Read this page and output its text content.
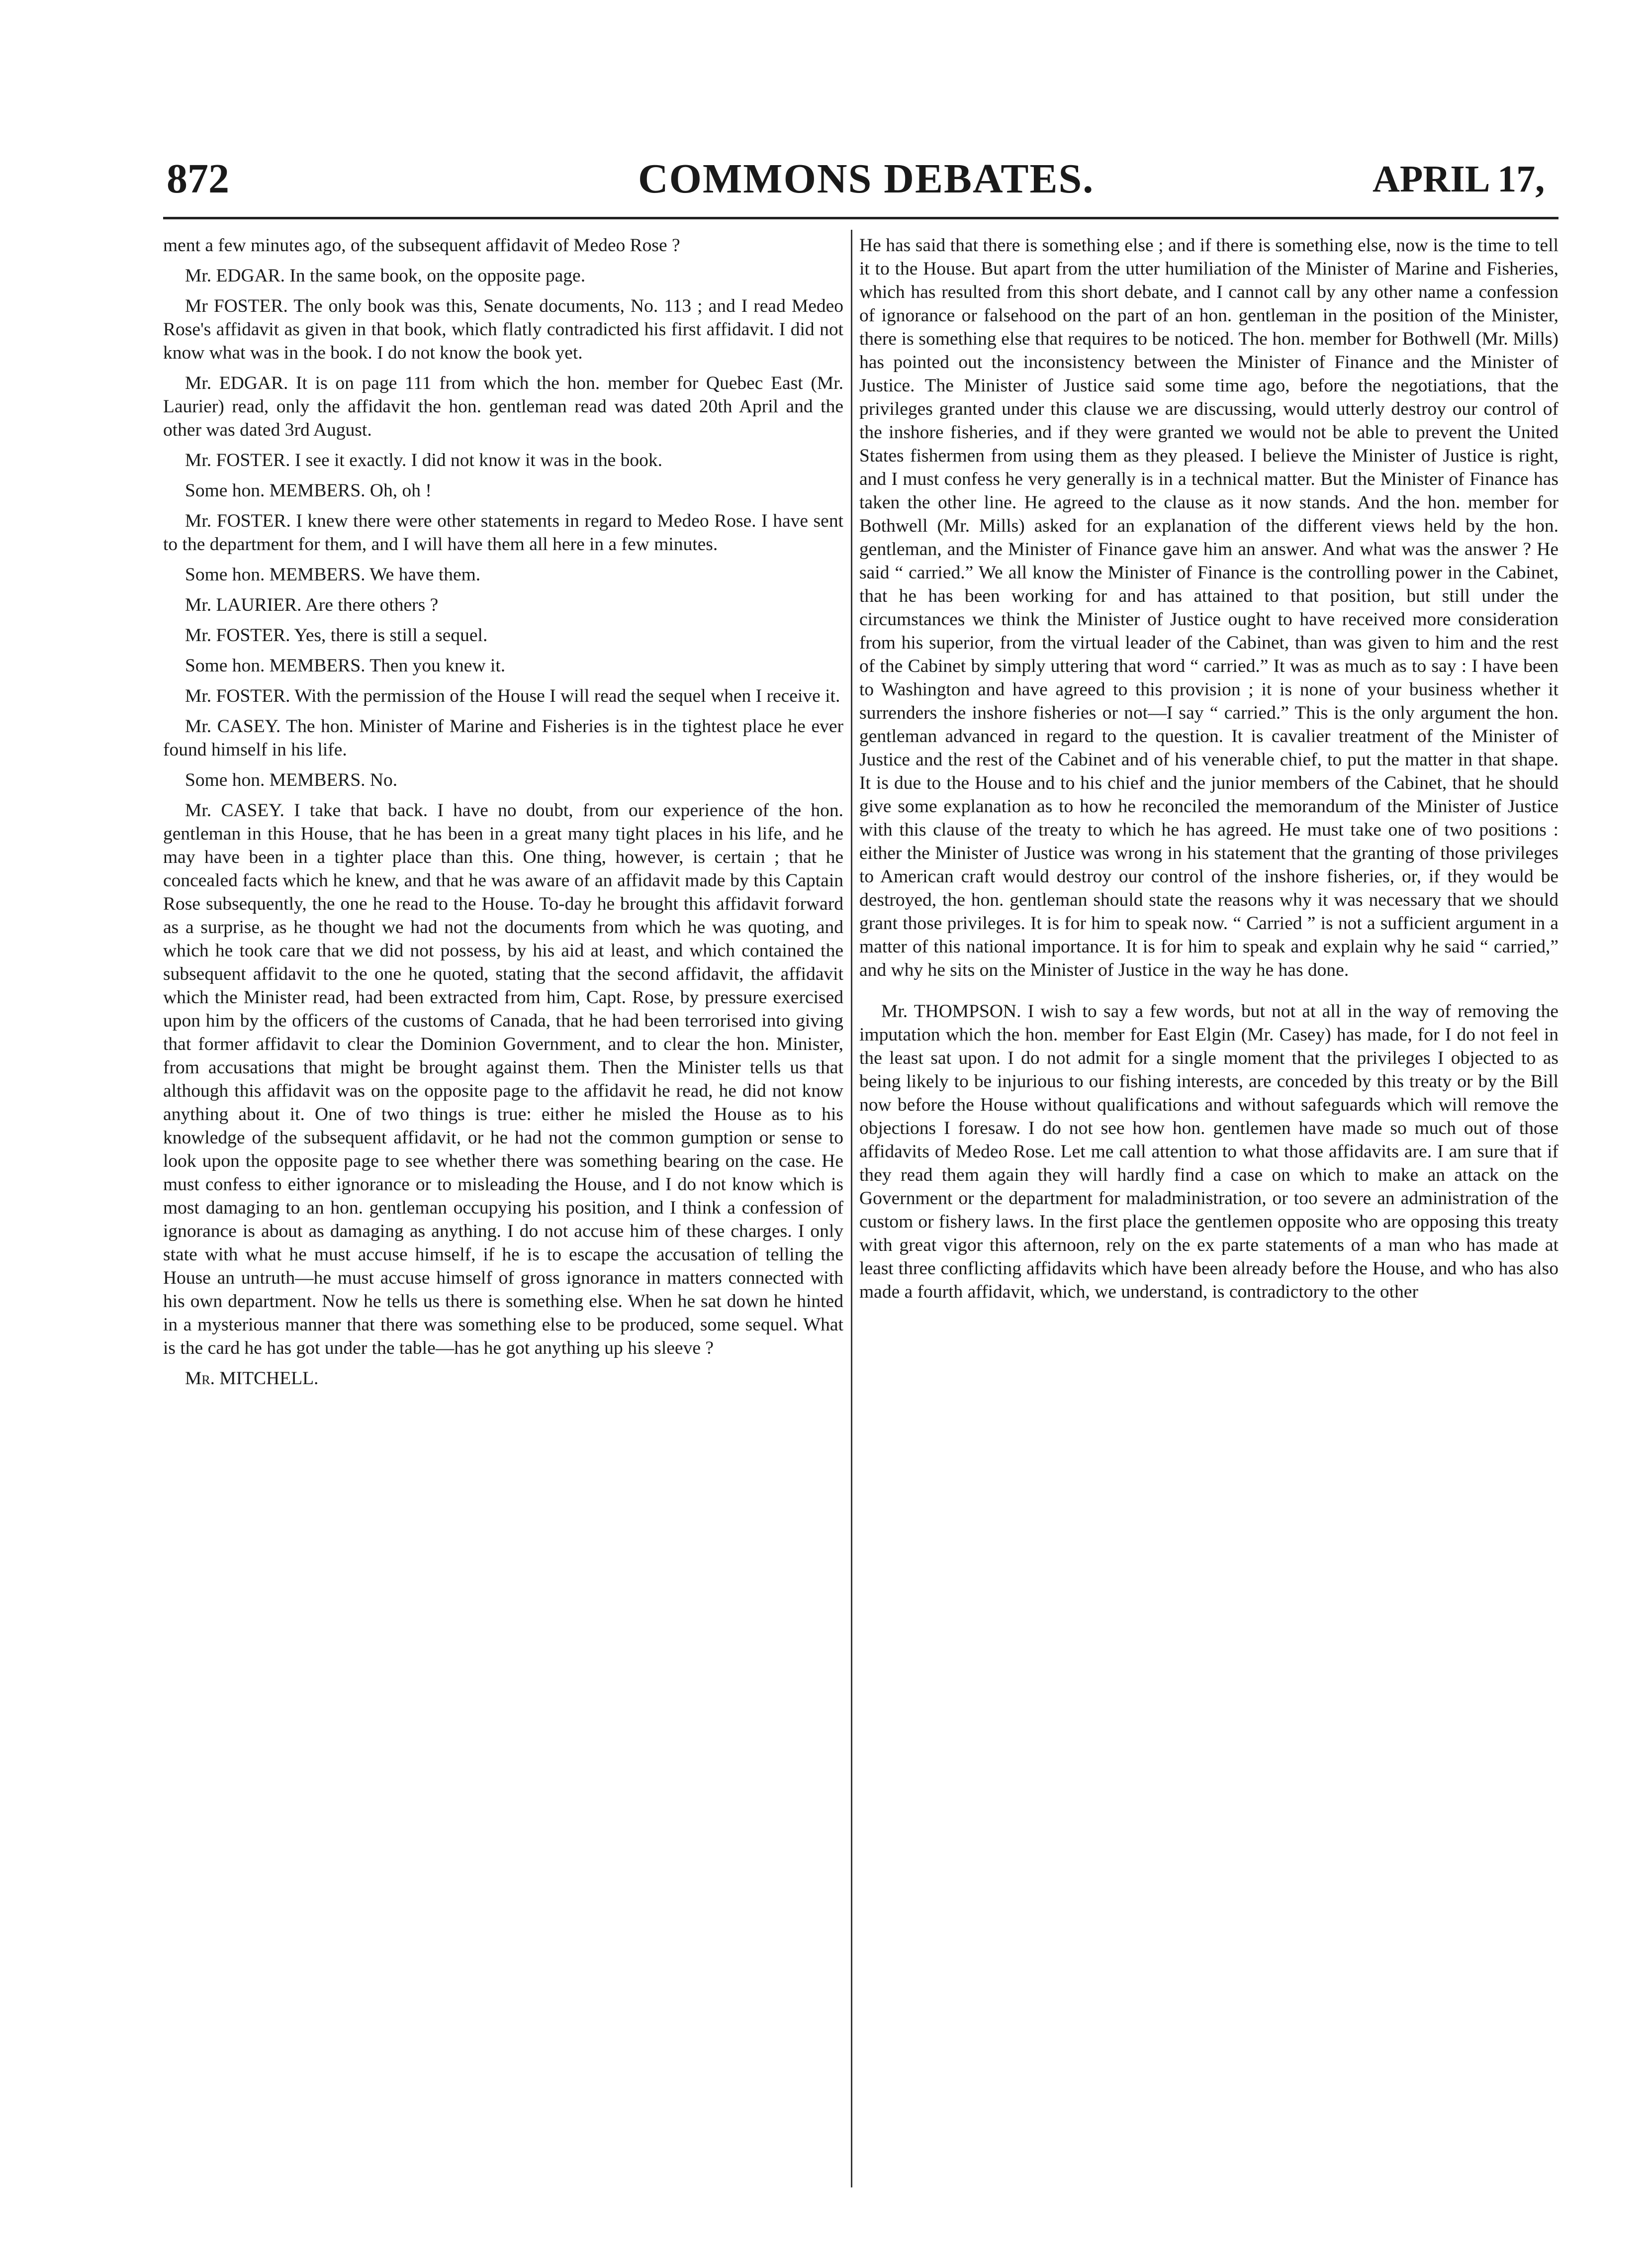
872	COMMONS DEBATES.	APRIL 17,

ment a few minutes ago, of the subsequent affidavit of Medeo Rose ?

Mr. EDGAR. In the same book, on the opposite page.

Mr FOSTER. The only book was this, Senate documents, No. 113 ; and I read Medeo Rose's affidavit as given in that book, which flatly contradicted his first affidavit. I did not know what was in the book. I do not know the book yet.

Mr. EDGAR. It is on page 111 from which the hon. member for Quebec East (Mr. Laurier) read, only the affidavit the hon. gentleman read was dated 20th April and the other was dated 3rd August.

Mr. FOSTER. I see it exactly. I did not know it was in the book.

Some hon. MEMBERS. Oh, oh !

Mr. FOSTER. I knew there were other statements in regard to Medeo Rose. I have sent to the department for them, and I will have them all here in a few minutes.

Some hon. MEMBERS. We have them.

Mr. LAURIER. Are there others ?

Mr. FOSTER. Yes, there is still a sequel.

Some hon. MEMBERS. Then you knew it.

Mr. FOSTER. With the permission of the House I will read the sequel when I receive it.

Mr. CASEY. The hon. Minister of Marine and Fisheries is in the tightest place he ever found himself in his life.

Some hon. MEMBERS. No.

Mr. CASEY. I take that back. I have no doubt, from our experience of the hon. gentleman in this House, that he has been in a great many tight places in his life, and he may have been in a tighter place than this. One thing, however, is certain ; that he concealed facts which he knew, and that he was aware of an affidavit made by this Captain Rose subsequently, the one he read to the House. To-day he brought this affidavit forward as a surprise, as he thought we had not the documents from which he was quoting, and which he took care that we did not possess, by his aid at least, and which contained the subsequent affidavit to the one he quoted, stating that the second affidavit, the affidavit which the Minister read, had been extracted from him, Capt. Rose, by pressure exercised upon him by the officers of the customs of Canada, that he had been terrorised into giving that former affidavit to clear the Dominion Government, and to clear the hon. Minister, from accusations that might be brought against them. Then the Minister tells us that although this affidavit was on the opposite page to the affidavit he read, he did not know anything about it. One of two things is true: either he misled the House as to his knowledge of the subsequent affidavit, or he had not the common gumption or sense to look upon the opposite page to see whether there was something bearing on the case. He must confess to either ignorance or to misleading the House, and I do not know which is most damaging to an hon. gentleman occupying his position, and I think a confession of ignorance is about as damaging as anything. I do not accuse him of these charges. I only state with what he must accuse himself, if he is to escape the accusation of telling the House an untruth—he must accuse himself of gross ignorance in matters connected with his own department. Now he tells us there is something else. When he sat down he hinted in a mysterious manner that there was something else to be produced, some sequel. What is the card he has got under the table—has he got anything up his sleeve ?

Mr. MITCHELL.

He has said that there is something else ; and if there is something else, now is the time to tell it to the House. But apart from the utter humiliation of the Minister of Marine and Fisheries, which has resulted from this short debate, and I cannot call by any other name a confession of ignorance or falsehood on the part of an hon. gentleman in the position of the Minister, there is something else that requires to be noticed. The hon. member for Bothwell (Mr. Mills) has pointed out the inconsistency between the Minister of Finance and the Minister of Justice. The Minister of Justice said some time ago, before the negotiations, that the privileges granted under this clause we are discussing, would utterly destroy our control of the inshore fisheries, and if they were granted we would not be able to prevent the United States fishermen from using them as they pleased. I believe the Minister of Justice is right, and I must confess he very generally is in a technical matter. But the Minister of Finance has taken the other line. He agreed to the clause as it now stands. And the hon. member for Bothwell (Mr. Mills) asked for an explanation of the different views held by the hon. gentleman, and the Minister of Finance gave him an answer. And what was the answer ? He said “ carried.” We all know the Minister of Finance is the controlling power in the Cabinet, that he has been working for and has attained to that position, but still under the circumstances we think the Minister of Justice ought to have received more consideration from his superior, from the virtual leader of the Cabinet, than was given to him and the rest of the Cabinet by simply uttering that word “ carried.” It was as much as to say : I have been to Washington and have agreed to this provision ; it is none of your business whether it surrenders the inshore fisheries or not—I say “ carried.” This is the only argument the hon. gentleman advanced in regard to the question. It is cavalier treatment of the Minister of Justice and the rest of the Cabinet and of his venerable chief, to put the matter in that shape. It is due to the House and to his chief and the junior members of the Cabinet, that he should give some explanation as to how he reconciled the memorandum of the Minister of Justice with this clause of the treaty to which he has agreed. He must take one of two positions : either the Minister of Justice was wrong in his statement that the granting of those privileges to American craft would destroy our control of the inshore fisheries, or, if they would be destroyed, the hon. gentleman should state the reasons why it was necessary that we should grant those privileges. It is for him to speak now. “ Carried ” is not a sufficient argument in a matter of this national importance. It is for him to speak and explain why he said “ carried,” and why he sits on the Minister of Justice in the way he has done.

Mr. THOMPSON. I wish to say a few words, but not at all in the way of removing the imputation which the hon. member for East Elgin (Mr. Casey) has made, for I do not feel in the least sat upon. I do not admit for a single moment that the privileges I objected to as being likely to be injurious to our fishing interests, are conceded by this treaty or by the Bill now before the House without qualifications and without safeguards which will remove the objections I foresaw. I do not see how hon. gentlemen have made so much out of those affidavits of Medeo Rose. Let me call attention to what those affidavits are. I am sure that if they read them again they will hardly find a case on which to make an attack on the Government or the department for maladministration, or too severe an administration of the custom or fishery laws. In the first place the gentlemen opposite who are opposing this treaty with great vigor this afternoon, rely on the ex parte statements of a man who has made at least three conflicting affidavits which have been already before the House, and who has also made a fourth affidavit, which, we understand, is contradictory to the other
